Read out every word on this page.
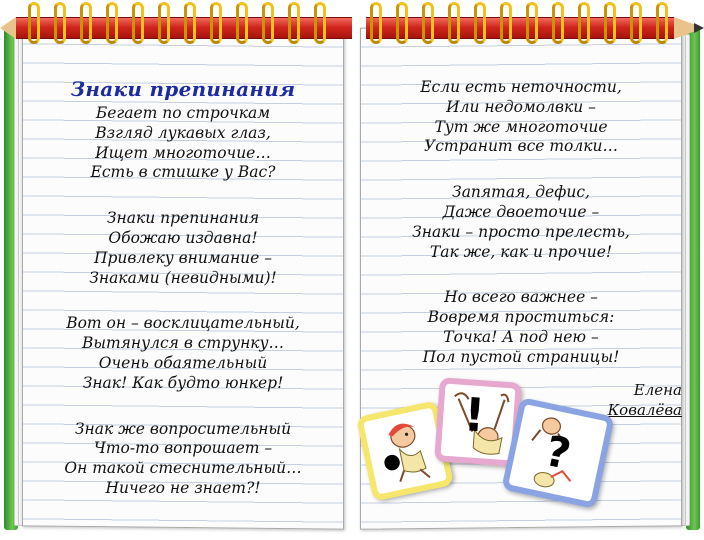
Знаки препинания
Бегает по строчкам
Взгляд лукавых глаз,
Ищет многоточие…
Есть в стишке у Вас?
Знаки препинания
Обожаю издавна!
Привлеку внимание –
Знаками (невидными)!
Вот он – восклицательный,
Вытянулся в струнку…
Очень обаятельный
Знак! Как будто юнкер!
Знак же вопросительный
Что-то вопрошает –
Он такой стеснительный…
Ничего не знает?!
Если есть неточности,
Или недомолвки –
Тут же многоточие
Устранит все толки…
Запятая, дефис,
Даже двоеточие –
Знаки – просто прелесть,
Так же, как и прочие!
Но всего важнее –
Вовремя проститься:
Точка! А под нею –
Пол пустой страницы!
Елена
Ковалёва
•
!
?
